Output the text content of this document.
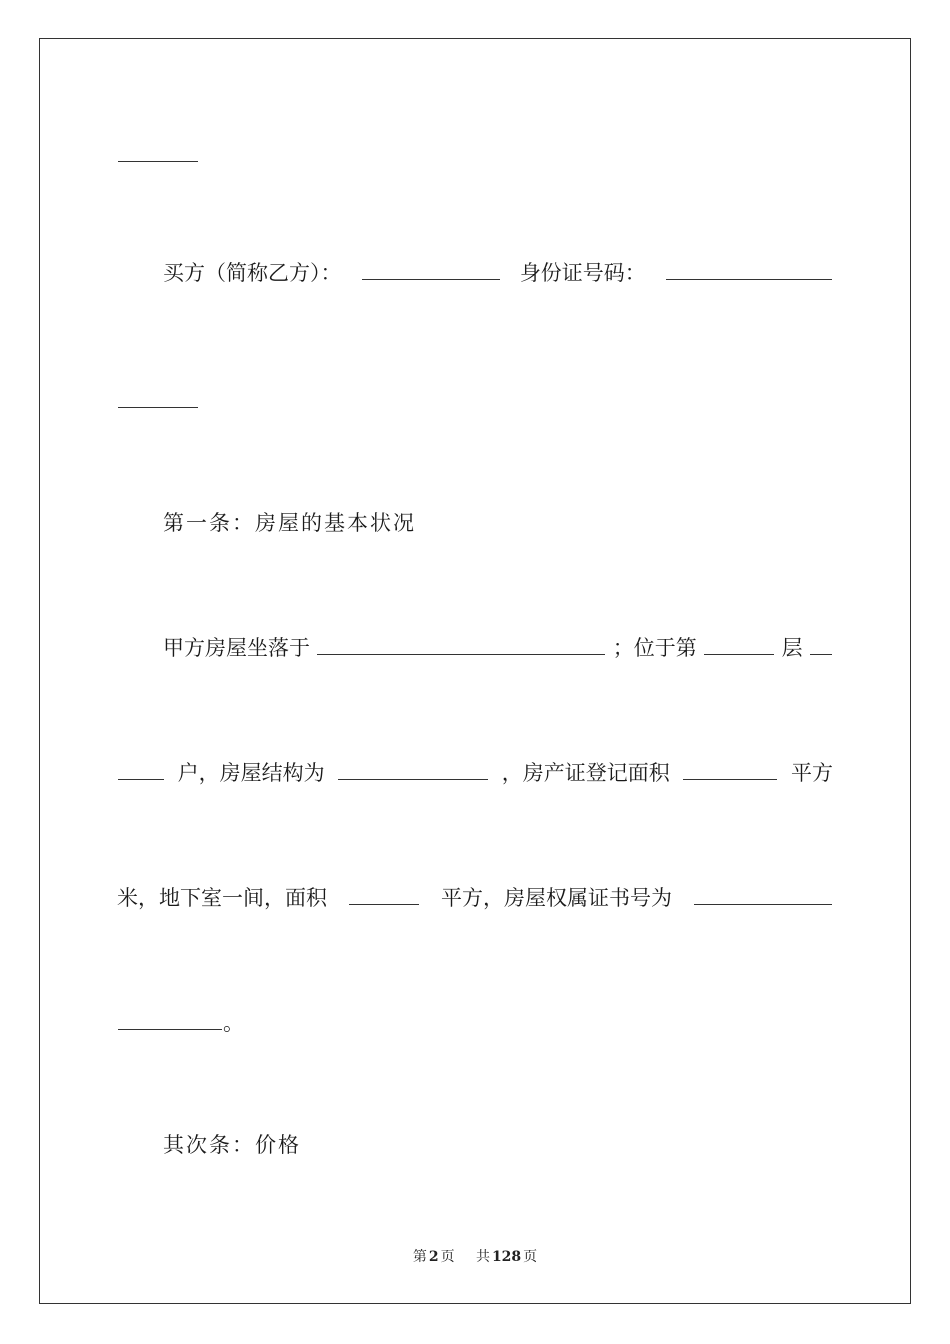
买方（简称乙方）：	身份证号码：
第一条：房屋的基本状况
甲方房屋坐落于	；位于第	层
户，房屋结构为	，房产证登记面积	平方
米，地下室一间，面积	平方，房屋权属证书号为
。
其次条：价格
第 2 页 共 128 页
